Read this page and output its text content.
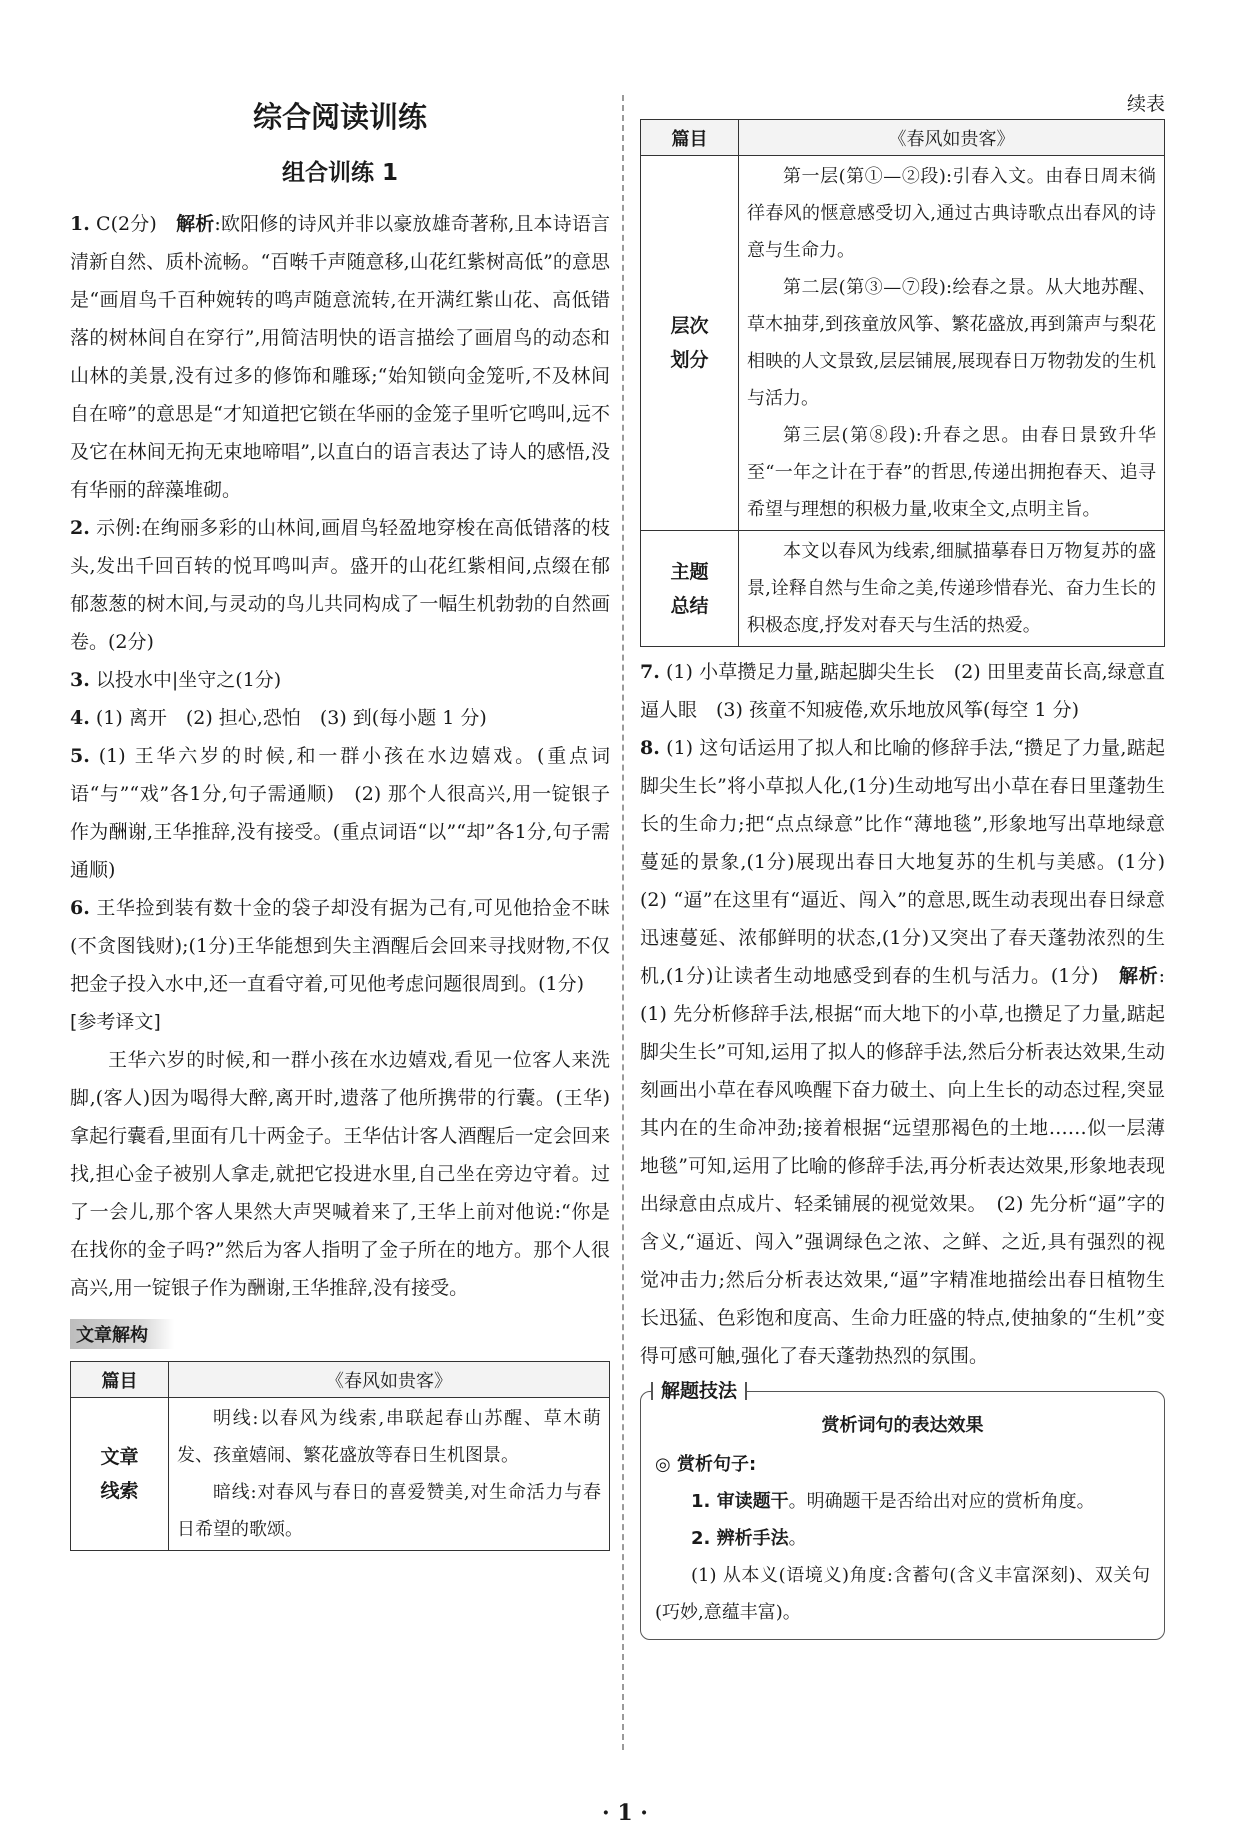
综合阅读训练
组合训练 1

1. C(2分)　 解析:欧阳修的诗风并非以豪放雄奇著称,且本诗语言清新自然、质朴流畅。“百啭千声随意移,山花红紫树高低”的意思是“画眉鸟千百种婉转的鸣声随意流转,在开满红紫山花、高低错落的树林间自在穿行”,用简洁明快的语言描绘了画眉鸟的动态和山林的美景,没有过多的修饰和雕琢;“始知锁向金笼听,不及林间自在啼”的意思是“才知道把它锁在华丽的金笼子里听它鸣叫,远不及它在林间无拘无束地啼唱”,以直白的语言表达了诗人的感悟,没有华丽的辞藻堆砌。

2. 示例:在绚丽多彩的山林间,画眉鸟轻盈地穿梭在高低错落的枝头,发出千回百转的悦耳鸣叫声。盛开的山花红紫相间,点缀在郁郁葱葱的树木间,与灵动的鸟儿共同构成了一幅生机勃勃的自然画卷。(2分)

3. 以投水中|坐守之(1分)

4. (1) 离开　(2) 担心,恐怕　(3) 到(每小题 1 分)

5. (1) 王华六岁的时候,和一群小孩在水边嬉戏。(重点词语“与”“戏”各1分,句子需通顺)　(2) 那个人很高兴,用一锭银子作为酬谢,王华推辞,没有接受。(重点词语“以”“却”各1分,句子需通顺)

6. 王华捡到装有数十金的袋子却没有据为己有,可见他拾金不昧(不贪图钱财);(1分)王华能想到失主酒醒后会回来寻找财物,不仅把金子投入水中,还一直看守着,可见他考虑问题很周到。(1分)

[参考译文]

王华六岁的时候,和一群小孩在水边嬉戏,看见一位客人来洗脚,(客人)因为喝得大醉,离开时,遗落了他所携带的行囊。(王华)拿起行囊看,里面有几十两金子。王华估计客人酒醒后一定会回来找,担心金子被别人拿走,就把它投进水里,自己坐在旁边守着。过了一会儿,那个客人果然大声哭喊着来了,王华上前对他说:“你是在找你的金子吗?”然后为客人指明了金子所在的地方。那个人很高兴,用一锭银子作为酬谢,王华推辞,没有接受。

文章解构
篇目	《春风如贵客》
文章线索	明线:以春风为线索,串联起春山苏醒、草木萌发、孩童嬉闹、繁花盛放等春日生机图景。

暗线:对春风与春日的喜爱赞美,对生命活力与春日希望的歌颂。

续表
篇目	《春风如贵客》
层次划分	第一层(第①—②段):引春入文。由春日周末徜徉春风的惬意感受切入,通过古典诗歌点出春风的诗意与生命力。

第二层(第③—⑦段):绘春之景。从大地苏醒、草木抽芽,到孩童放风筝、繁花盛放,再到箫声与梨花相映的人文景致,层层铺展,展现春日万物勃发的生机与活力。

第三层(第⑧段):升春之思。由春日景致升华至“一年之计在于春”的哲思,传递出拥抱春天、追寻希望与理想的积极力量,收束全文,点明主旨。

主题总结	本文以春风为线索,细腻描摹春日万物复苏的盛景,诠释自然与生命之美,传递珍惜春光、奋力生长的积极态度,抒发对春天与生活的热爱。

7. (1) 小草攒足力量,踮起脚尖生长　(2) 田里麦苗长高,绿意直逼人眼　(3) 孩童不知疲倦,欢乐地放风筝(每空 1 分)

8. (1) 这句话运用了拟人和比喻的修辞手法,“攒足了力量,踮起脚尖生长”将小草拟人化,(1分)生动地写出小草在春日里蓬勃生长的生命力;把“点点绿意”比作“薄地毯”,形象地写出草地绿意蔓延的景象,(1分)展现出春日大地复苏的生机与美感。(1分)　(2) “逼”在这里有“逼近、闯入”的意思,既生动表现出春日绿意迅速蔓延、浓郁鲜明的状态,(1分)又突出了春天蓬勃浓烈的生机,(1分)让读者生动地感受到春的生机与活力。(1分)　解析:(1) 先分析修辞手法,根据“而大地下的小草,也攒足了力量,踮起脚尖生长”可知,运用了拟人的修辞手法,然后分析表达效果,生动刻画出小草在春风唤醒下奋力破土、向上生长的动态过程,突显其内在的生命冲劲;接着根据“远望那褐色的土地……似一层薄地毯”可知,运用了比喻的修辞手法,再分析表达效果,形象地表现出绿意由点成片、轻柔铺展的视觉效果。　(2) 先分析“逼”字的含义,“逼近、闯入”强调绿色之浓、之鲜、之近,具有强烈的视觉冲击力;然后分析表达效果,“逼”字精准地描绘出春日植物生长迅猛、色彩饱和度高、生命力旺盛的特点,使抽象的“生机”变得可感可触,强化了春天蓬勃热烈的氛围。

解题技法
赏析词句的表达效果

◎ 赏析句子:

1. 审读题干。明确题干是否给出对应的赏析角度。

2. 辨析手法。

(1) 从本义(语境义)角度:含蓄句(含义丰富深刻)、双关句(巧妙,意蕴丰富)。

· 1 ·
